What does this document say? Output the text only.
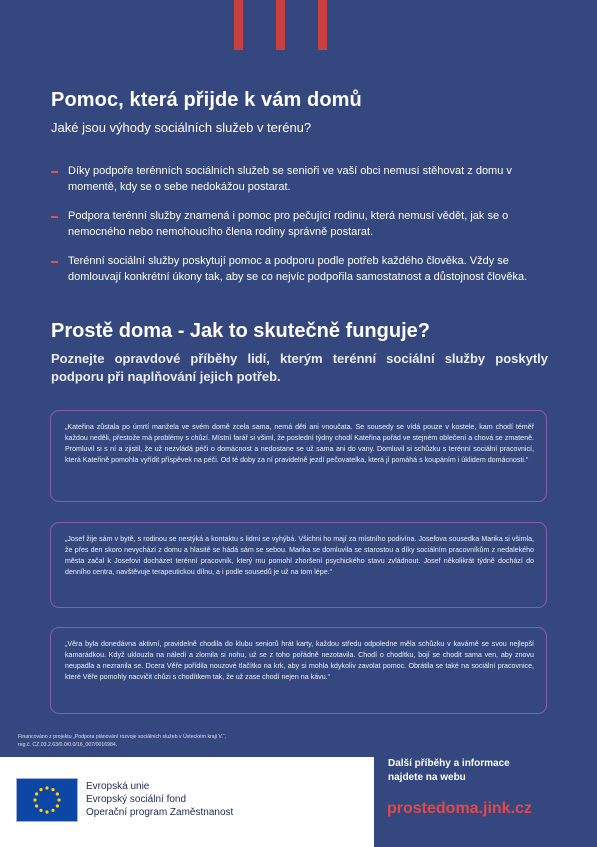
Pomoc, která přijde k vám domů
Jaké jsou výhody sociálních služeb v terénu?
Díky podpoře terénních sociálních služeb se senioři ve vaší obci nemusí stěhovat z domu v momentě, kdy se o sebe nedokážou postarat.
Podpora terénní služby znamená i pomoc pro pečující rodinu, která nemusí vědět, jak se o nemocného nebo nemohoucího člena rodiny správně postarat.
Terénní sociální služby poskytují pomoc a podporu podle potřeb každého člověka. Vždy se domlouvají konkrétní úkony tak, aby se co nejvíc podpořila samostatnost a důstojnost člověka.
Prostě doma - Jak to skutečně funguje?
Poznejte opravdové příběhy lidí, kterým terénní sociální služby poskytly podporu při naplňování jejich potřeb.
„Kateřina zůstala po úmrtí manžela ve svém domě zcela sama, nemá děti ani vnoučata. Se sousedy se vídá pouze v kostele, kam chodí téměř každou neděli, přestože má problémy s chůzí. Místní farář si všiml, že poslední týdny chodí Kateřina pořád ve stejném oblečení a chová se zmateně. Promluvil si s ní a zjistil, že už nezvládá péči o domácnost a nedostane se už sama ani do vany. Domluvil si schůzku s terénní sociální pracovnicí, která Kateřině pomohla vyřídit příspěvek na péči. Od té doby za ní pravidelně jezdí pečovatelka, která jí pomáhá s koupáním i úklidem domácnosti.“
„Josef žije sám v bytě, s rodinou se nestýká a kontaktu s lidmi se vyhýbá. Všichni ho mají za místního podivína. Josefova sousedka Marika si všimla, že přes den skoro nevychází z domu a hlasitě se hádá sám se sebou. Marika se domluvila se starostou a díky sociálním pracovníkům z nedalekého města začal k Josefovi docházet terénní pracovník, který mu pomohl zhoršení psychického stavu zvládnout. Josef několikrát týdně dochází do denního centra, navštěvuje terapeutickou dílnu, a i podle sousedů je už na tom lépe.“
„Věra byla donedávna aktivní, pravidelně chodila do klubu seniorů hrát karty, každou středu odpoledne měla schůzku v kavárně se svou nejlepší kamarádkou. Když uklouzla na náledí a zlomila si nohu, už se z toho pořádně nezotavila. Chodí o chodítku, bojí se chodit sama ven, aby znovu neupadla a nezranila se. Dcera Věře pořídila nouzové tlačítko na krk, aby si mohla kdykoliv zavolat pomoc. Obrátila se také na sociální pracovnice, které Věře pomohly nacvičit chůzi s chodítkem tak, že už zase chodí nejen na kávu.“
Financováno z projektu „Podpora plánování rozvoje sociálních služeb v Ústeckém kraji V.“,
reg.č. CZ.03.2.63/0.0/0.0/16_007/0016984.
Evropská unie
Evropský sociální fond
Operační program Zaměstnanost
Další příběhy a informace
najdete na webu
prostedoma.jink.cz
